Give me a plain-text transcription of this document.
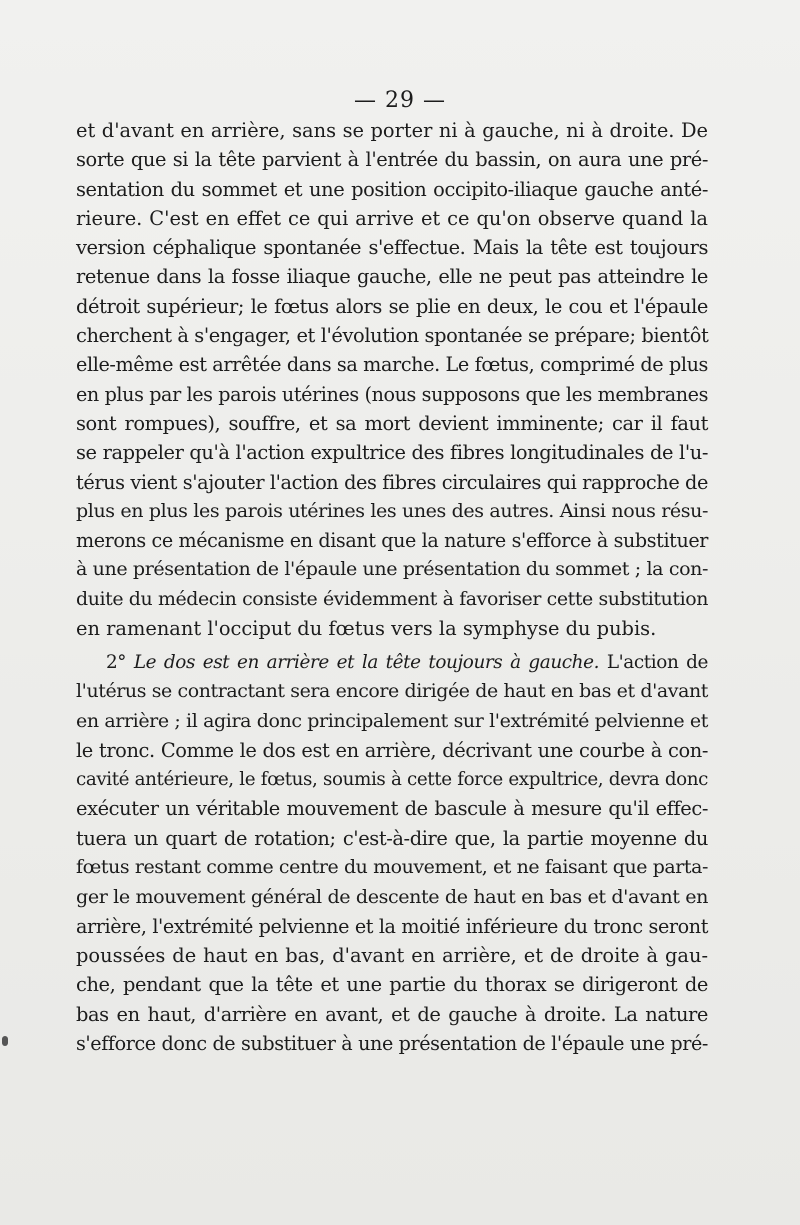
— 29 —
et d'avant en arrière, sans se porter ni à gauche, ni à droite. De
sorte que si la tête parvient à l'entrée du bassin, on aura une pré-
sentation du sommet et une position occipito-iliaque gauche anté-
rieure. C'est en effet ce qui arrive et ce qu'on observe quand la
version céphalique spontanée s'effectue. Mais la tête est toujours
retenue dans la fosse iliaque gauche, elle ne peut pas atteindre le
détroit supérieur; le fœtus alors se plie en deux, le cou et l'épaule
cherchent à s'engager, et l'évolution spontanée se prépare; bientôt
elle-même est arrêtée dans sa marche. Le fœtus, comprimé de plus
en plus par les parois utérines (nous supposons que les membranes
sont rompues), souffre, et sa mort devient imminente; car il faut
se rappeler qu'à l'action expultrice des fibres longitudinales de l'u-
térus vient s'ajouter l'action des fibres circulaires qui rapproche de
plus en plus les parois utérines les unes des autres. Ainsi nous résu-
merons ce mécanisme en disant que la nature s'efforce à substituer
à une présentation de l'épaule une présentation du sommet ; la con-
duite du médecin consiste évidemment à favoriser cette substitution
en ramenant l'occiput du fœtus vers la symphyse du pubis.
2° Le dos est en arrière et la tête toujours à gauche. L'action de
l'utérus se contractant sera encore dirigée de haut en bas et d'avant
en arrière ; il agira donc principalement sur l'extrémité pelvienne et
le tronc. Comme le dos est en arrière, décrivant une courbe à con-
cavité antérieure, le fœtus, soumis à cette force expultrice, devra donc
exécuter un véritable mouvement de bascule à mesure qu'il effec-
tuera un quart de rotation; c'est-à-dire que, la partie moyenne du
fœtus restant comme centre du mouvement, et ne faisant que parta-
ger le mouvement général de descente de haut en bas et d'avant en
arrière, l'extrémité pelvienne et la moitié inférieure du tronc seront
poussées de haut en bas, d'avant en arrière, et de droite à gau-
che, pendant que la tête et une partie du thorax se dirigeront de
bas en haut, d'arrière en avant, et de gauche à droite. La nature
s'efforce donc de substituer à une présentation de l'épaule une pré-
